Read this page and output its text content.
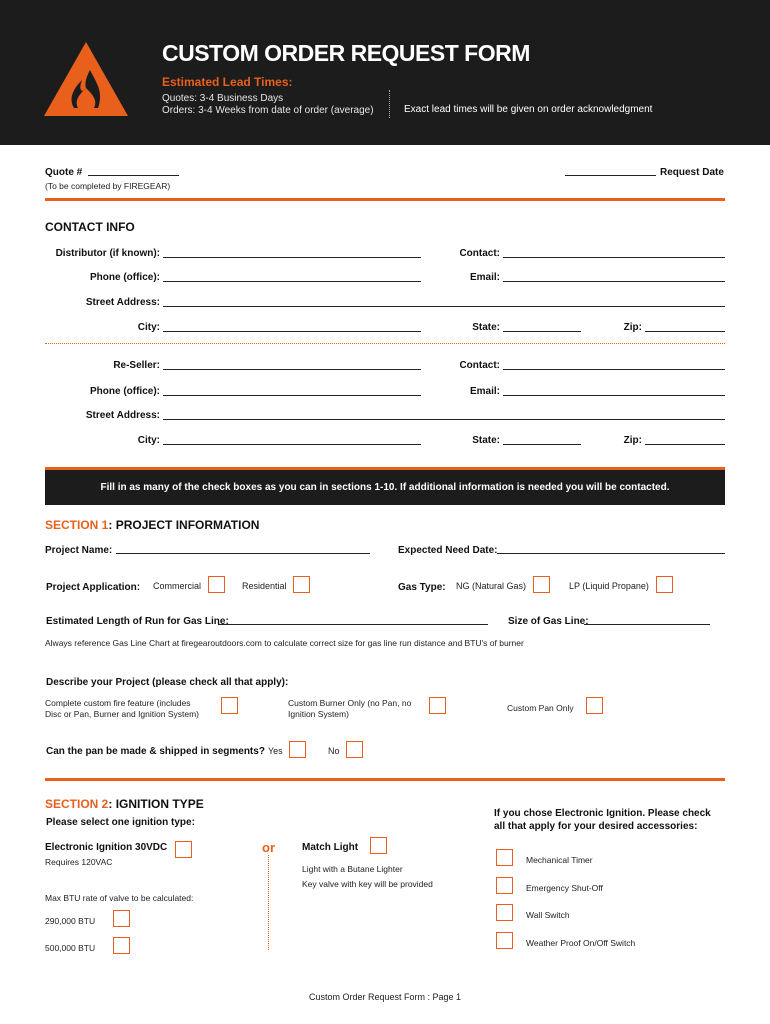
CUSTOM ORDER REQUEST FORM
Estimated Lead Times:
Quotes: 3-4 Business Days
Orders: 3-4 Weeks from date of order (average)	Exact lead times will be given on order acknowledgment
Quote #
(To be completed by FIREGEAR)
Request Date
CONTACT INFO
Distributor (if known):	Contact:
Phone (office):	Email:
Street Address:
City:	State:	Zip:
Re-Seller:	Contact:
Phone (office):	Email:
Street Address:
City:	State:	Zip:
Fill in as many of the check boxes as you can in sections 1-10. If additional information is needed you will be contacted.
SECTION 1: PROJECT INFORMATION
Project Name:	Expected Need Date:
Project Application: Commercial	Residential	Gas Type: NG (Natural Gas)	LP (Liquid Propane)
Estimated Length of Run for Gas Line:	Size of Gas Line:
Always reference Gas Line Chart at firegearoutdoors.com to calculate correct size for gas line run distance and BTU's of burner
Describe your Project (please check all that apply):
Complete custom fire feature (includes
Disc or Pan, Burner and Ignition System)
Custom Burner Only (no Pan, no
Ignition System)
Custom Pan Only
Can the pan be made & shipped in segments? Yes	No
SECTION 2: IGNITION TYPE
Please select one ignition type:
Electronic Ignition 30VDC
Requires 120VAC
or	Match Light
Light with a Butane Lighter
Key valve with key will be provided
Max BTU rate of valve to be calculated:
290,000 BTU
500,000 BTU
If you chose Electronic Ignition. Please check
all that apply for your desired accessories:
Mechanical Timer
Emergency Shut-Off
Wall Switch
Weather Proof On/Off Switch
Custom Order Request Form : Page 1
